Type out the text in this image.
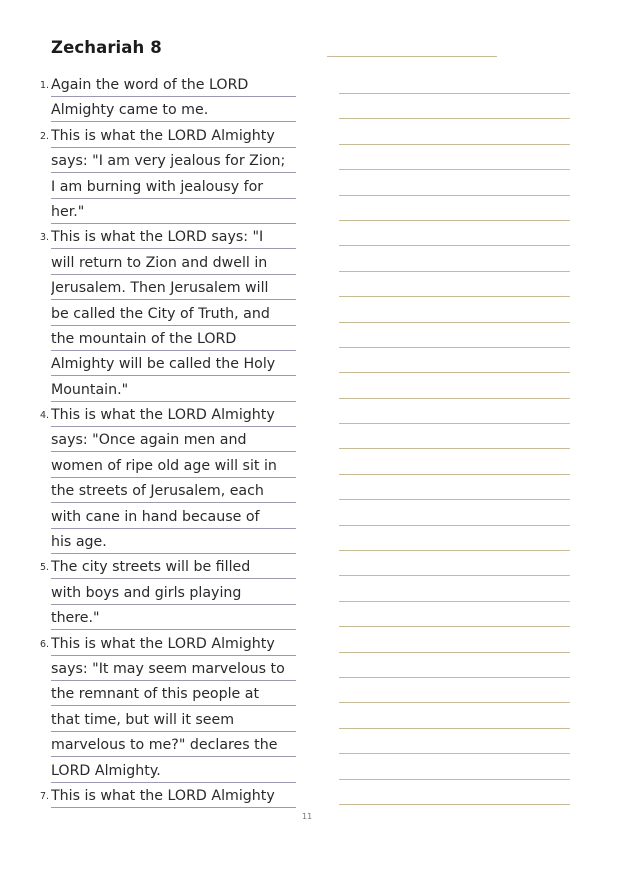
Zechariah 8
1. Again the word of the LORD
Almighty came to me.
2. This is what the LORD Almighty
says: "I am very jealous for Zion;
I am burning with jealousy for
her."
3. This is what the LORD says: "I
will return to Zion and dwell in
Jerusalem. Then Jerusalem will
be called the City of Truth, and
the mountain of the LORD
Almighty will be called the Holy
Mountain."
4. This is what the LORD Almighty
says: "Once again men and
women of ripe old age will sit in
the streets of Jerusalem, each
with cane in hand because of
his age.
5. The city streets will be filled
with boys and girls playing
there."
6. This is what the LORD Almighty
says: "It may seem marvelous to
the remnant of this people at
that time, but will it seem
marvelous to me?" declares the
LORD Almighty.
7. This is what the LORD Almighty
11
